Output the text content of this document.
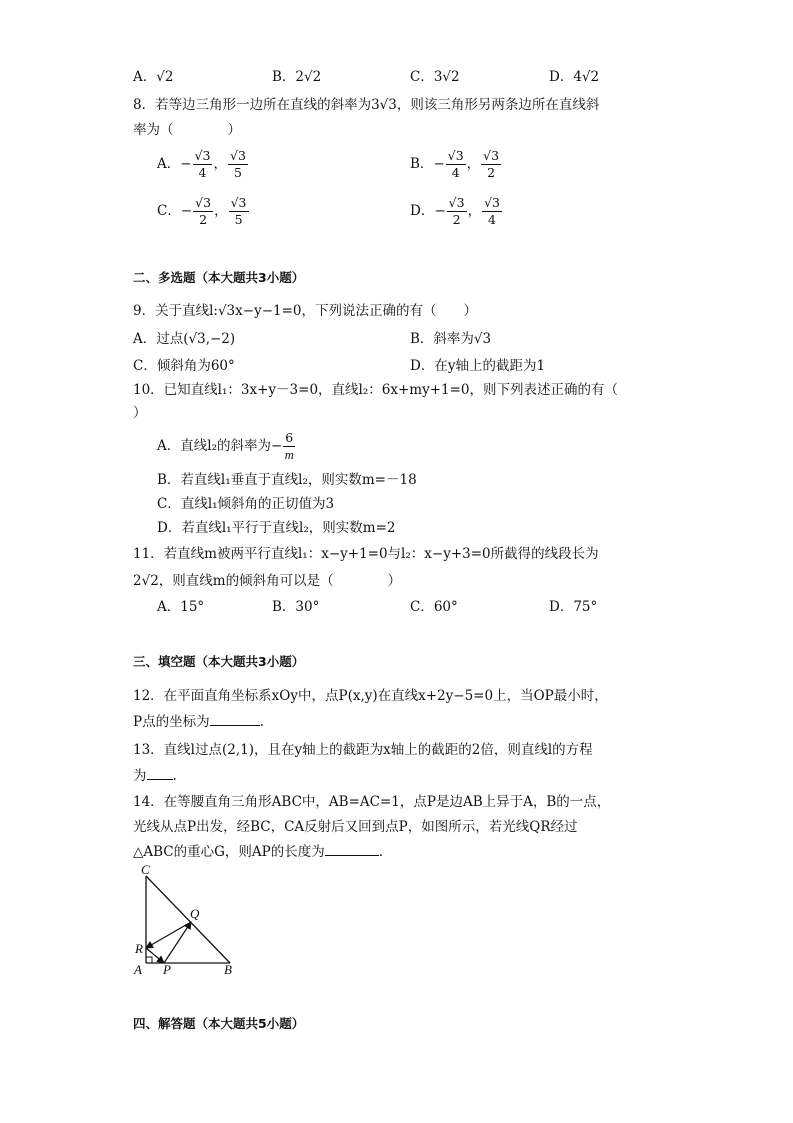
A．√2	B．2√2	C．3√2	D．4√2
8．若等边三角形一边所在直线的斜率为3√3，则该三角形另两条边所在直线斜
率为（　　　　）
A．− $\frac{√3}{4}$ ， $\frac{√3}{5}$	B．− $\frac{√3}{4}$ ， $\frac{√3}{2}$
C．− $\frac{√3}{2}$ ， $\frac{√3}{5}$	D．− $\frac{√3}{2}$ ， $\frac{√3}{4}$
二、多选题（本大题共3小题）
9．关于直线l:√3x−y−1=0，下列说法正确的有（　　）
A．过点(√3,−2)	B．斜率为√3
C．倾斜角为60°	D．在y轴上的截距为1
10．已知直线l₁：3x+y－3=0，直线l₂：6x+my+1=0，则下列表述正确的有（
）
A．直线l₂的斜率为− $\frac{6}{m}$
B．若直线l₁垂直于直线l₂，则实数m=－18
C．直线l₁倾斜角的正切值为3
D．若直线l₁平行于直线l₂，则实数m=2
11．若直线m被两平行直线l₁：x−y+1=0与l₂：x−y+3=0所截得的线段长为
2√2，则直线m的倾斜角可以是（　　　　）
A．15°	B．30°	C．60°	D．75°
三、填空题（本大题共3小题）
12．在平面直角坐标系xOy中，点P(x,y)在直线x+2y−5=0上，当OP最小时，
P点的坐标为	.
13．直线l过点(2,1)，且在y轴上的截距为x轴上的截距的2倍，则直线l的方程
为 .
14．在等腰直角三角形ABC中，AB=AC=1，点P是边AB上异于A，B的一点，
光线从点P出发，经BC，CA反射后又回到点P，如图所示，若光线QR经过
△ABC的重心G，则AP的长度为	.
C
Q
R
A P	B
四、解答题（本大题共5小题）
